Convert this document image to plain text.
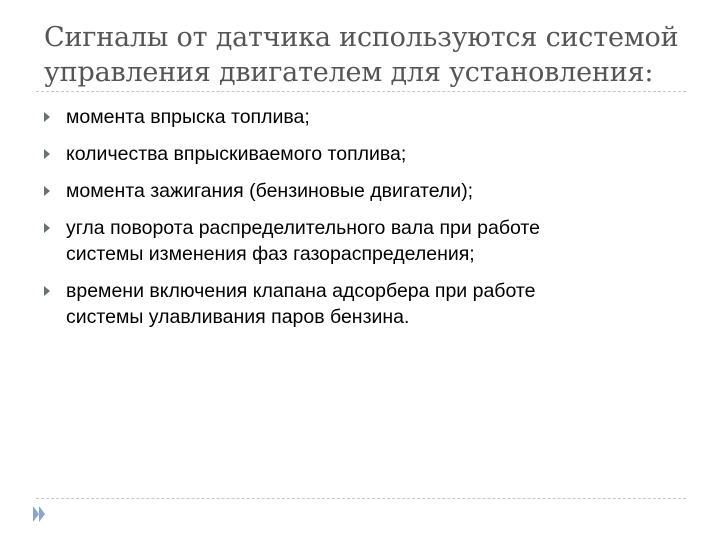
Сигналы от датчика используются системой
управления двигателем для установления:
момента впрыска топлива;
количества впрыскиваемого топлива;
момента зажигания (бензиновые двигатели);
угла поворота распределительного вала при работе
системы изменения фаз газораспределения;
времени включения клапана адсорбера при работе
системы улавливания паров бензина.
